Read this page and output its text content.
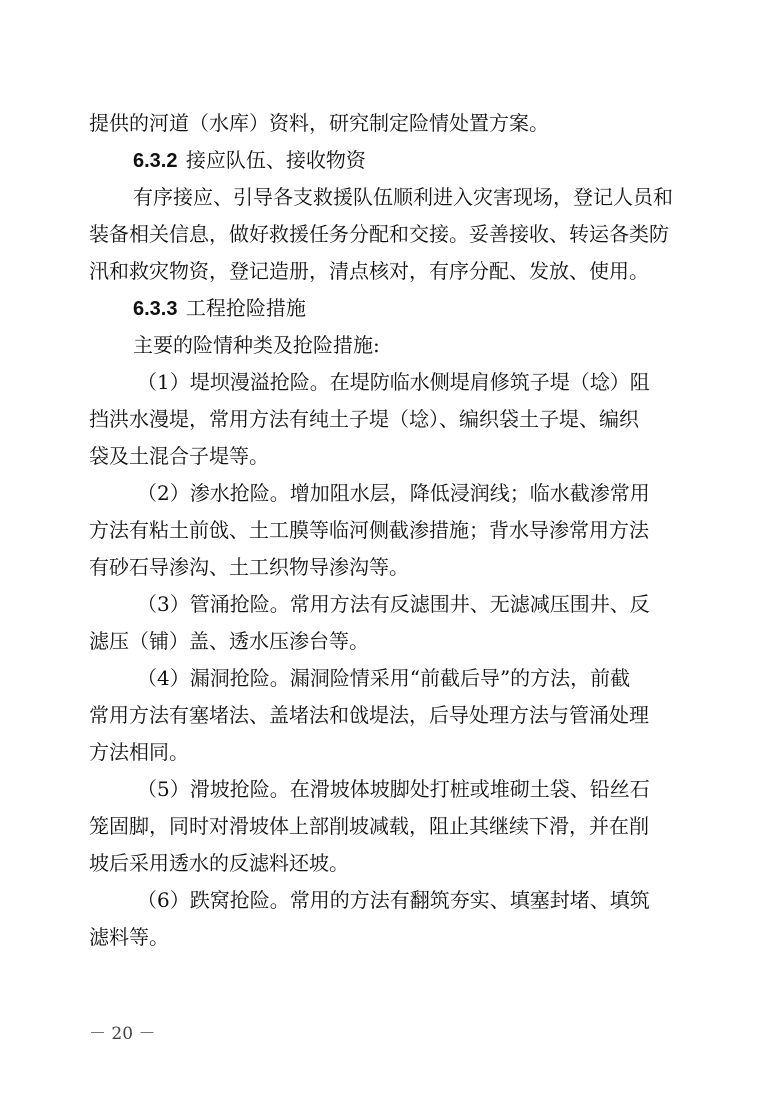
提供的河道（水库）资料，研究制定险情处置方案。
6.3.2 接应队伍、接收物资
有序接应、引导各支救援队伍顺利进入灾害现场，登记人员和
装备相关信息，做好救援任务分配和交接。妥善接收、转运各类防
汛和救灾物资，登记造册，清点核对，有序分配、发放、使用。
6.3.3 工程抢险措施
主要的险情种类及抢险措施:
（1）堤坝漫溢抢险。在堤防临水侧堤肩修筑子堤（埝）阻
挡洪水漫堤，常用方法有纯土子堤（埝）、编织袋土子堤、编织
袋及土混合子堤等。
（2）渗水抢险。增加阻水层，降低浸润线；临水截渗常用
方法有粘土前戗、土工膜等临河侧截渗措施；背水导渗常用方法
有砂石导渗沟、土工织物导渗沟等。
（3）管涌抢险。常用方法有反滤围井、无滤减压围井、反
滤压（铺）盖、透水压渗台等。
（4）漏洞抢险。漏洞险情采用“前截后导”的方法，前截
常用方法有塞堵法、盖堵法和戗堤法，后导处理方法与管涌处理
方法相同。
（5）滑坡抢险。在滑坡体坡脚处打桩或堆砌土袋、铅丝石
笼固脚，同时对滑坡体上部削坡减载，阻止其继续下滑，并在削
坡后采用透水的反滤料还坡。
（6）跌窝抢险。常用的方法有翻筑夯实、填塞封堵、填筑
滤料等。
－ 20 －
